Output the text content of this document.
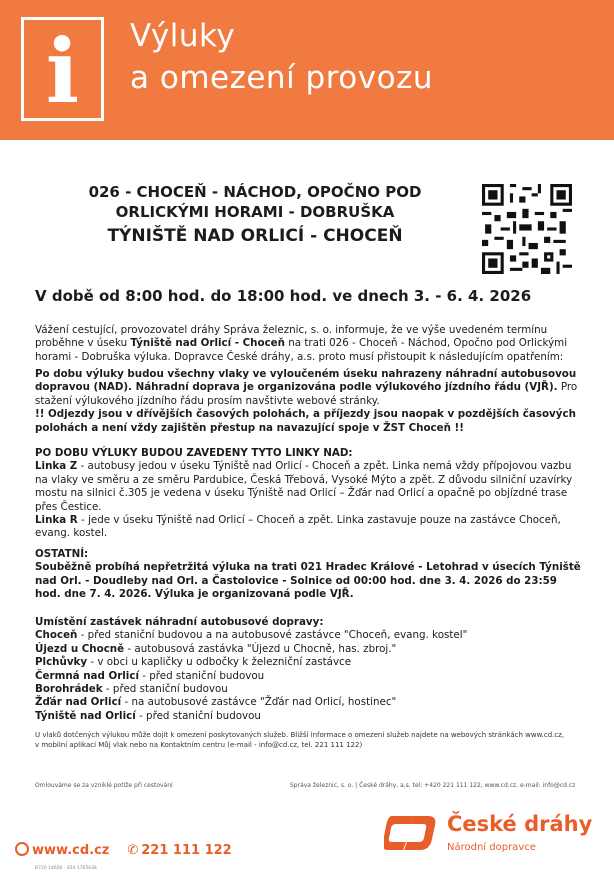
i	Výluky
a omezení provozu
026 - CHOCEŇ - NÁCHOD, OPOČNO POD
ORLICKÝMI HORAMI - DOBRUŠKA
TÝNIŠTĚ NAD ORLICÍ - CHOCEŇ
V době od 8:00 hod. do 18:00 hod. ve dnech 3. - 6. 4. 2026
Vážení cestující, provozovatel dráhy Správa železnic, s. o. informuje, že ve výše uvedeném termínu
proběhne v úseku Týniště nad Orlicí - Choceň na trati 026 - Choceň - Náchod, Opočno pod Orlickými
horami - Dobruška výluka. Dopravce České dráhy, a.s. proto musí přistoupit k následujícím opatřením:
Po dobu výluky budou všechny vlaky ve vyloučeném úseku nahrazeny náhradní autobusovou
dopravou (NAD). Náhradní doprava je organizována podle výlukového jízdního řádu (VJŘ). Pro
stažení výlukového jízdního řádu prosím navštivte webové stránky.
!! Odjezdy jsou v dřívějších časových polohách, a příjezdy jsou naopak v pozdějších časových
polohách a není vždy zajištěn přestup na navazující spoje v ŽST Choceň !!
PO DOBU VÝLUKY BUDOU ZAVEDENY TYTO LINKY NAD:
Linka Z - autobusy jedou v úseku Týniště nad Orlicí - Choceň a zpět. Linka nemá vždy přípojovou vazbu
na vlaky ve směru a ze směru Pardubice, Česká Třebová, Vysoké Mýto a zpět. Z důvodu silniční uzavírky
mostu na silnici č.305 je vedena v úseku Týniště nad Orlicí – Žďár nad Orlicí a opačně po objízdné trase
přes Čestice.
Linka R - jede v úseku Týniště nad Orlicí – Choceň a zpět. Linka zastavuje pouze na zastávce Choceň,
evang. kostel.
OSTATNÍ:
Souběžně probíhá nepřetržitá výluka na trati 021 Hradec Králové - Letohrad v úsecích Týniště
nad Orl. - Doudleby nad Orl. a Častolovice - Solnice od 00:00 hod. dne 3. 4. 2026 do 23:59
hod. dne 7. 4. 2026. Výluka je organizovaná podle VJŘ.
Umístění zastávek náhradní autobusové dopravy:
Choceň - před staniční budovou a na autobusové zastávce "Choceň, evang. kostel"
Újezd u Chocně - autobusová zastávka "Újezd u Chocně, has. zbroj."
Plchůvky - v obci u kapličky u odbočky k železniční zastávce
Čermná nad Orlicí - před staniční budovou
Borohrádek - před staniční budovou
Žďár nad Orlicí - na autobusové zastávce "Žďár nad Orlicí, hostinec"
Týniště nad Orlicí - před staniční budovou
U vlaků dotčených výlukou může dojít k omezení poskytovaných služeb. Bližší informace o omezení služeb najdete na webových stránkách www.cd.cz,
v mobilní aplikaci Můj vlak nebo na Kontaktním centru (e-mail - info@cd.cz, tel. 221 111 122)
Omlouváme se za vzniklé potíže při cestování	Správa železnic, s. o. | České dráhy, a.s. tel: +420 221 111 122, www.cd.cz, e-mail: info@cd.cz
www.cd.cz ✆ 221 111 122
B720 14650 · 024 1765438
České dráhy
Národní dopravce
